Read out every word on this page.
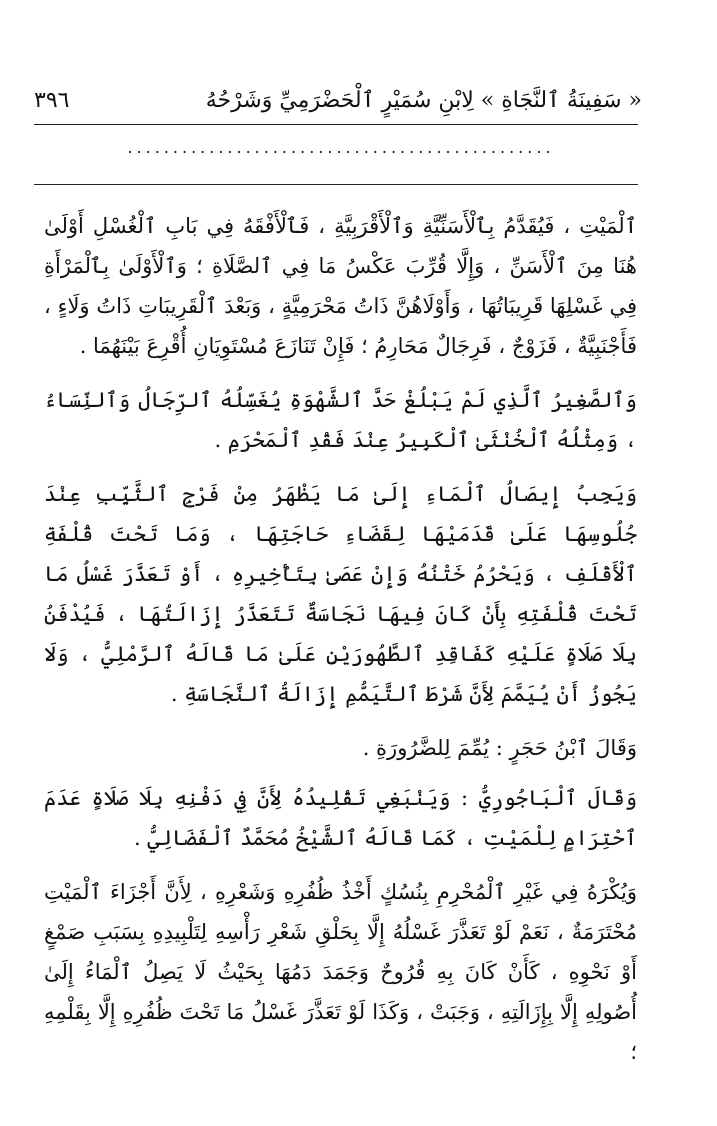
« سَفِينَةُ ٱلنَّجَاةِ » لِابْنِ سُمَيْرٍ ٱلْحَضْرَمِيِّ وَشَرْحُهُ
٣٩٦
...............................................

ٱلْمَيْتِ ، فَيُقَدَّمُ بِٱلْأَسَنِّيَّةِ وَٱلْأَقْرَبِيَّةِ ، فَٱلْأَفْقَهُ فِي بَابِ ٱلْغُسْلِ أَوْلَىٰ هُنَا مِنَ ٱلْأَسَنِّ ، وَإِلَّا قُرِّبَ عَكْسُ مَا فِي ٱلصَّلَاةِ ؛ وَٱلْأَوْلَىٰ بِٱلْمَرْأَةِ فِي غَسْلِهَا قَرِيبَاتُهَا ، وَأَوْلَاهُنَّ ذَاتُ مَحْرَمِيَّةٍ ، وَبَعْدَ ٱلْقَرِيبَاتِ ذَاتُ وَلَاءٍ ، فَأَجْنَبِيَّةٌ ، فَزَوْجٌ ، فَرِجَالٌ مَحَارِمُ ؛ فَإِنْ تَنَازَعَ مُسْتَوِيَانِ أُقْرِعَ بَيْنَهُمَا .

وَٱلصَّغِيرُ ٱلَّذِي لَمْ يَبْلُغْ حَدَّ ٱلشَّهْوَةِ يُغَسِّلُهُ ٱلرِّجَالُ وَٱلنِّسَاءُ ، وَمِثْلُهُ ٱلْخُنْثَىٰ ٱلْكَبِيرُ عِنْدَ فَقْدِ ٱلْمَحْرَمِ .

وَيَجِبُ إِيصَالُ ٱلْمَاءِ إِلَىٰ مَا يَظْهَرُ مِنْ فَرْجِ ٱلثَّيِّبِ عِنْدَ جُلُوسِهَا عَلَىٰ قَدَمَيْهَا لِقَضَاءِ حَاجَتِهَا ، وَمَا تَحْتَ قُلْفَةِ ٱلْأَقْلَفِ ، وَيَحْرُمُ خَتْنُهُ وَإِنْ عَصَىٰ بِتَأْخِيرِهِ ، أَوْ تَعَذَّرَ غَسْلُ مَا تَحْتَ قُلْفَتِهِ بِأَنْ كَانَ فِيهَا نَجَاسَةٌ تَتَعَذَّرُ إِزَالَتُهَا ، فَيُدْفَنُ بِلَا صَلَاةٍ عَلَيْهِ كَفَاقِدِ ٱلطَّهُورَيْنِ عَلَىٰ مَا قَالَهُ ٱلرَّمْلِيُّ ، وَلَا يَجُوزُ أَنْ يُيَمَّمَ لِأَنَّ شَرْطَ ٱلتَّيَمُّمِ إِزَالَةُ ٱلنَّجَاسَةِ .

وَقَالَ ٱبْنُ حَجَرٍ : يُمِّمَ لِلضَّرُورَةِ .

وَقَالَ ٱلْبَاجُورِيُّ : وَيَنْبَغِي تَقْلِيدُهُ لِأَنَّ فِي دَفْنِهِ بِلَا صَلَاةٍ عَدَمَ ٱحْتِرَامٍ لِلْمَيْتِ ، كَمَا قَالَهُ ٱلشَّيْخُ مُحَمَّدٌ ٱلْفَضَالِيُّ .

وَيُكْرَهُ فِي غَيْرِ ٱلْمُحْرِمِ بِنُسُكٍ أَخْذُ ظُفُرِهِ وَشَعْرِهِ ، لِأَنَّ أَجْزَاءَ ٱلْمَيْتِ مُحْتَرَمَةٌ ، نَعَمْ لَوْ تَعَذَّرَ غَسْلُهُ إِلَّا بِحَلْقِ شَعْرِ رَأْسِهِ لِتَلْبِيدِهِ بِسَبَبِ صَمْغٍ أَوْ نَحْوِهِ ، كَأَنْ كَانَ بِهِ قُرُوحٌ وَجَمَدَ دَمُهَا بِحَيْثُ لَا يَصِلُ ٱلْمَاءُ إِلَىٰ أُصُولِهِ إِلَّا بِإِزَالَتِهِ ، وَجَبَتْ ، وَكَذَا لَوْ تَعَذَّرَ غَسْلُ مَا تَحْتَ ظُفُرِهِ إِلَّا بِقَلْمِهِ ؛
